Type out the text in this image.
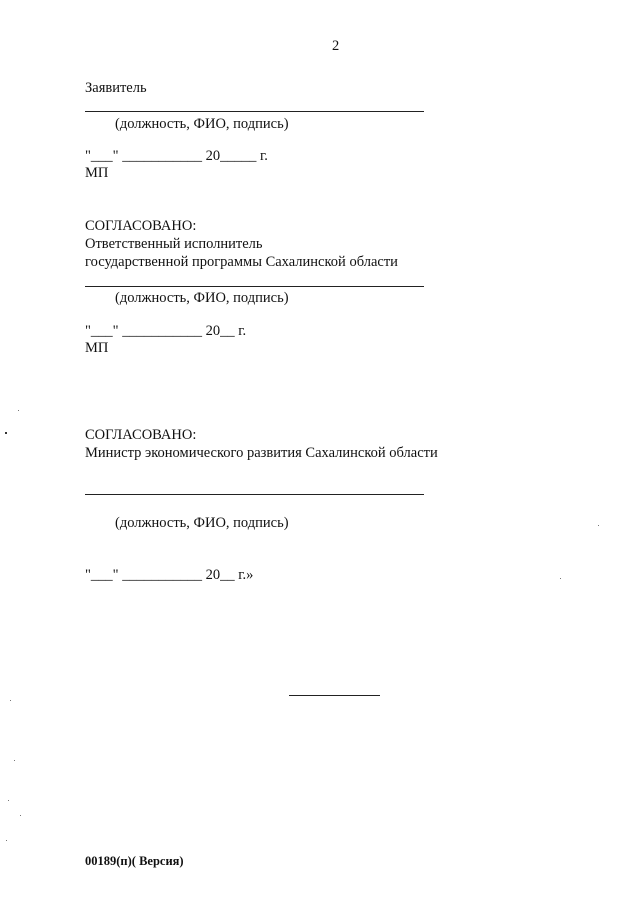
2
Заявитель
(должность, ФИО, подпись)
"___" ___________ 20_____ г.
МП
СОГЛАСОВАНО:
Ответственный исполнитель
государственной программы Сахалинской области
(должность, ФИО, подпись)
"___" ___________ 20__ г.
МП
СОГЛАСОВАНО:
Министр экономического развития Сахалинской области
(должность, ФИО, подпись)
"___" ___________ 20__ г.»
00189(п)( Версия)
